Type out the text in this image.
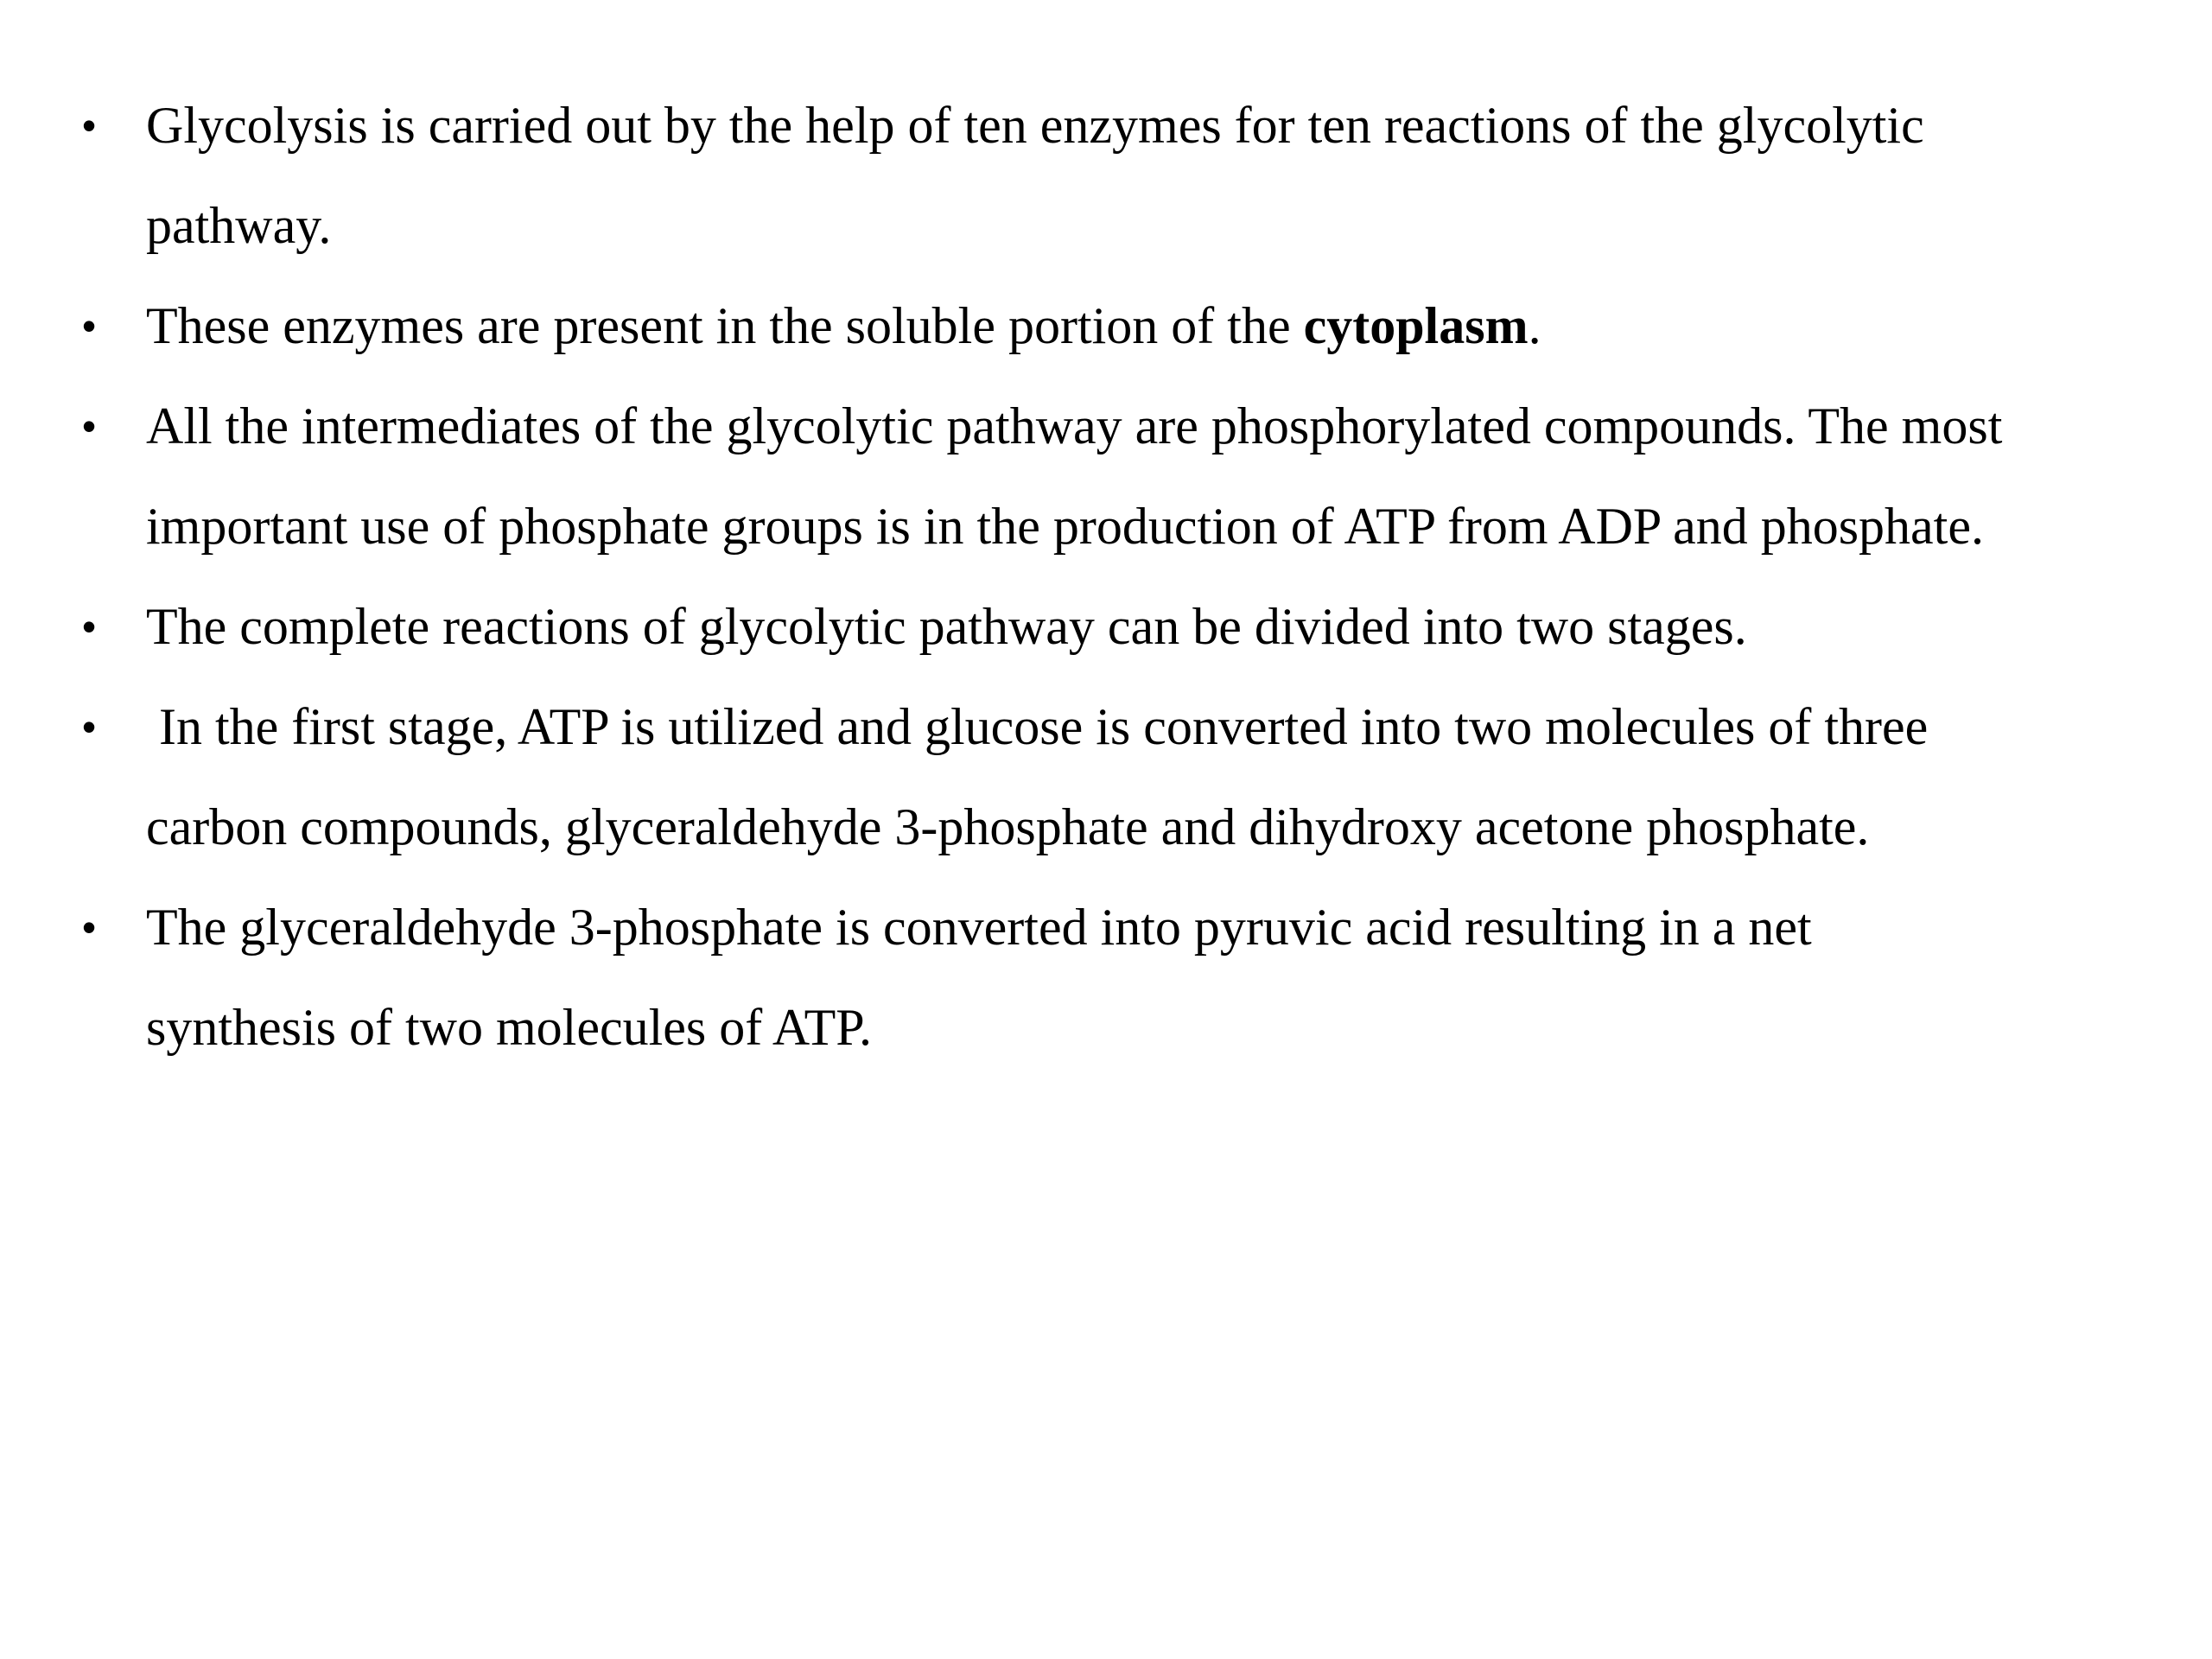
• Glycolysis is carried out by the help of ten enzymes for ten reactions of the glycolytic
pathway.
• These enzymes are present in the soluble portion of the cytoplasm.
• All the intermediates of the glycolytic pathway are phosphorylated compounds. The most
important use of phosphate groups is in the production of ATP from ADP and phosphate.
• The complete reactions of glycolytic pathway can be divided into two stages.
• In the first stage, ATP is utilized and glucose is converted into two molecules of three
carbon compounds, glyceraldehyde 3-phosphate and dihydroxy acetone phosphate.
• The glyceraldehyde 3-phosphate is converted into pyruvic acid resulting in a net
synthesis of two molecules of ATP.
